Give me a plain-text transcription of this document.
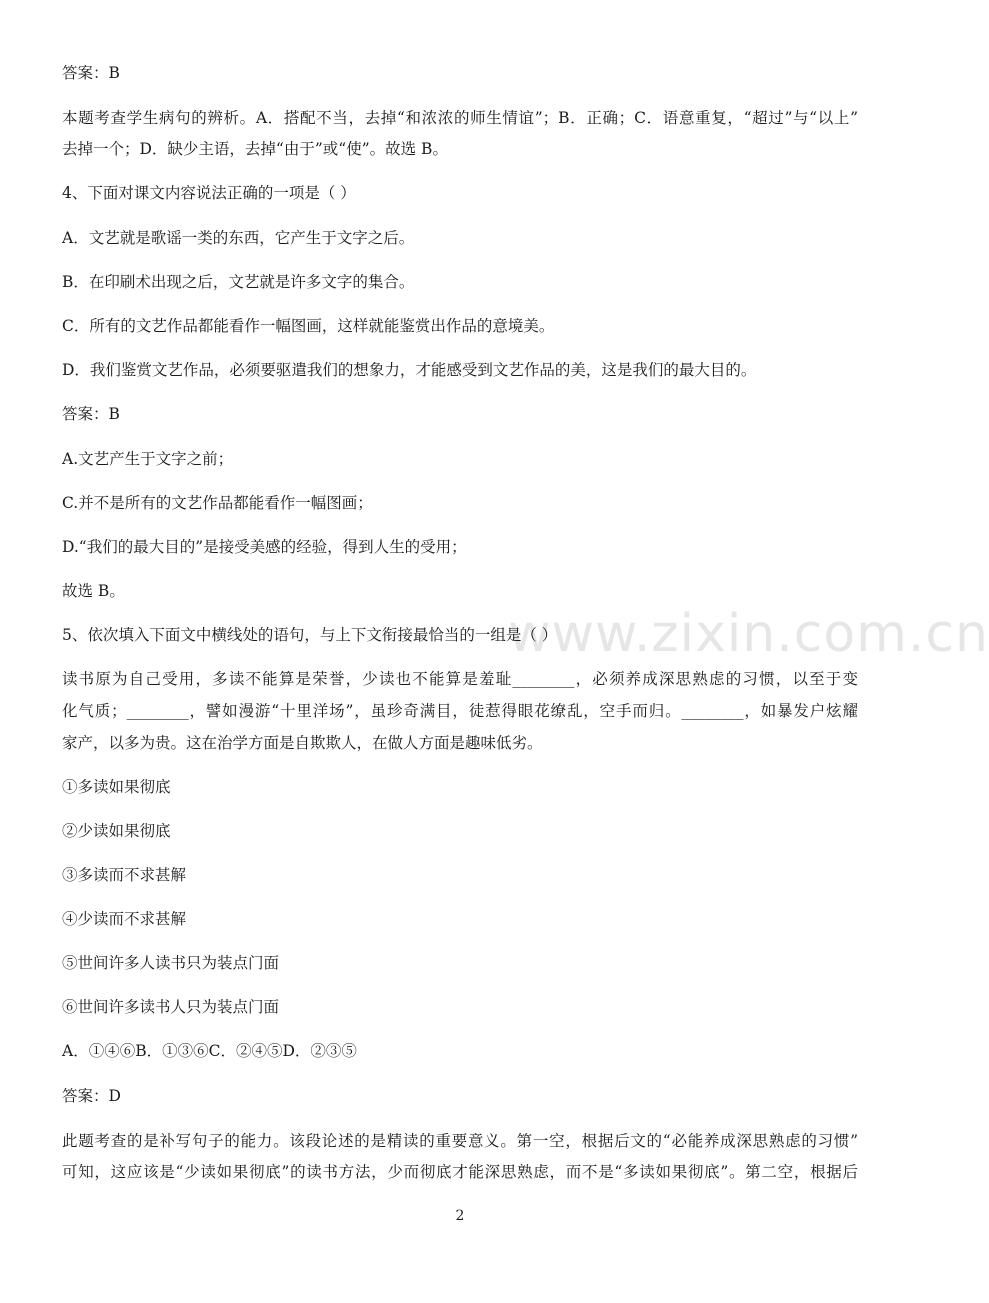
www.zixin.com.cn
答案：B
本题考查学生病句的辨析。A．搭配不当，去掉“和浓浓的师生情谊”；B．正确；C．语意重复，“超过”与“以上”
去掉一个；D．缺少主语，去掉“由于”或“使”。故选 B。
4、下面对课文内容说法正确的一项是（ ）
A．文艺就是歌谣一类的东西，它产生于文字之后。
B．在印刷术出现之后，文艺就是许多文字的集合。
C．所有的文艺作品都能看作一幅图画，这样就能鉴赏出作品的意境美。
D．我们鉴赏文艺作品，必须要驱遣我们的想象力，才能感受到文艺作品的美，这是我们的最大目的。
答案：B
A.文艺产生于文字之前；
C.并不是所有的文艺作品都能看作一幅图画；
D.“我们的最大目的”是接受美感的经验，得到人生的受用；
故选 B。
5、依次填入下面文中横线处的语句，与上下文衔接最恰当的一组是（ ）
读书原为自己受用，多读不能算是荣誉，少读也不能算是羞耻________，必须养成深思熟虑的习惯，以至于变
化气质；________，譬如漫游“十里洋场”，虽珍奇满目，徒惹得眼花缭乱，空手而归。________，如暴发户炫耀
家产，以多为贵。这在治学方面是自欺欺人，在做人方面是趣味低劣。
①多读如果彻底
②少读如果彻底
③多读而不求甚解
④少读而不求甚解
⑤世间许多人读书只为装点门面
⑥世间许多读书人只为装点门面
A．①④⑥B．①③⑥C．②④⑤D．②③⑤
答案：D
此题考查的是补写句子的能力。该段论述的是精读的重要意义。第一空，根据后文的“必能养成深思熟虑的习惯”
可知，这应该是“少读如果彻底”的读书方法，少而彻底才能深思熟虑，而不是“多读如果彻底”。第二空，根据后
2
